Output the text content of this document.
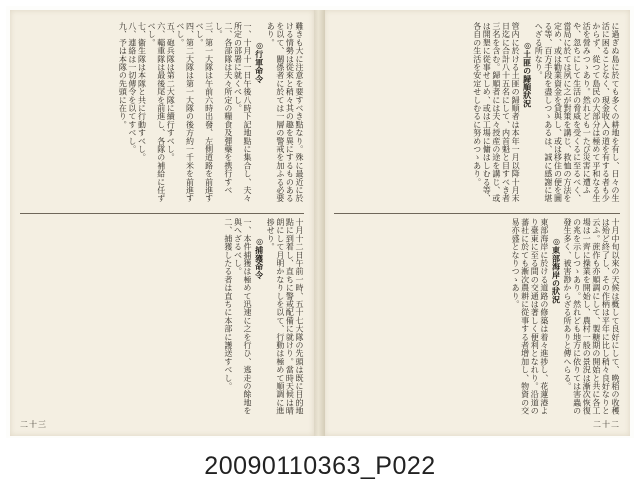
に過ぎぬ島に於ても多くの耕地を有し、日々の生活に困ることなく、現金收入の道を有する者も少からず、從つて島民の大部分は極めて平和なる生活を營みつゝあり。然れども一たび災害に遭ふや、忽ちにして生活の脅威を受くるに至るべく、當局に於ては夙に之が對策を講じ、救恤の方法を定め、或は勸業資金を貸與し、或は移住の便を圖る等、百方手段を盡しつゝあるは、誠に感謝に堪へざる所なり。
◎土匪の歸順狀況
管内に於ける土匪の歸順者は本年一月以降十月末日迄に合計八十五名にして、内首魁と目すべき者三名を含む。歸順者には夫々授産の途を講じ、或は開墾に從事せしめ、或は工場に傭はしむる等、各自の生活を安定せしむるに努めつゝあり。
十月中旬以來の天候は概して良好にして、晩稻の收穫は殆ど終了し、その作柄は平年に比し稍々良好なりと云ふ。蔗作も亦順調にして、製糖期の開始と共に各工場は一齊に操業を開始し、農村一般の景況は漸次恢復の兆を示しつゝあり。然れども地方に依りては害蟲の發生多く、被害尠からざる所ありと傳へらる。
◎東部海岸の狀況
東部海岸に於ける道路の修築は着々進捗し、花蓮港より臺東に至る間の交通は著しく便利となれり。沿道の蕃社に於ても漸次農耕に從事する者增加し、物資の交易亦盛となりつゝあり。
二十二
難きも大に注意を要すべき點なり。殊に最近に於ける情勢は從來と稍々其の趣を異にするものあるを以て、關係者に於ては一層の警戒を加ふる必要あり。
◎行軍命令
一、十月十一日午後八時下記地點に集合し、夫々所定の部署に就くべし。
二、各部隊は夫々所定の糧食及彈藥を携行すべし。
三、第一大隊は午前六時出發、左側道路を前進すべし。
四、第二大隊は第一大隊の後方約一千米を前進すべし。
五、砲兵隊は第二大隊に續行すべし。
六、輜重隊は最後尾を前進し、各隊の補給に任ずべし。
七、衞生隊は本隊と共に行動すべし。
八、連絡は一切傳令を以てすべし。
九、予は本隊の先頭に在り。
十月十二日午前一時、五十七大隊の先頭は既に目的地點に到着し、直ちに警戒配備に就けり。當時天候は晴朗にして月明かなりしを以て、行動は極めて順調に進捗せり。
◎捕獲命令
一、本件捕獲は極めて迅速に之を行ひ、逃走の餘地を與へざるべし。
二、捕獲したる者は直ちに本部に護送すべし。
二十三
20090110363_P022
